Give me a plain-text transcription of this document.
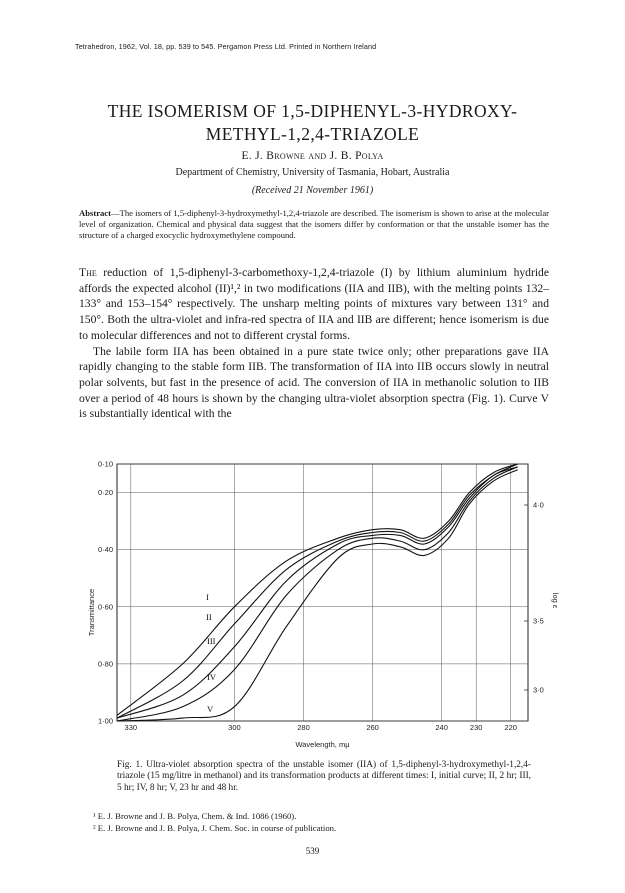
Tetrahedron, 1962, Vol. 18, pp. 539 to 545. Pergamon Press Ltd. Printed in Northern Ireland
THE ISOMERISM OF 1,5-DIPHENYL-3-HYDROXY-
METHYL-1,2,4-TRIAZOLE
E. J. Browne and J. B. Polya
Department of Chemistry, University of Tasmania, Hobart, Australia
(Received 21 November 1961)
Abstract—The isomers of 1,5-diphenyl-3-hydroxymethyl-1,2,4-triazole are described. The isomerism is shown to arise at the molecular level of organization. Chemical and physical data suggest that the isomers differ by conformation or that the unstable isomer has the structure of a charged exocyclic hydroxymethylene compound.

The reduction of 1,5-diphenyl-3-carbomethoxy-1,2,4-triazole (I) by lithium aluminium hydride affords the expected alcohol (II)¹,² in two modifications (IIA and IIB), with the melting points 132–133° and 153–154° respectively. The unsharp melting points of mixtures vary between 131° and 150°. Both the ultra-violet and infra-red spectra of IIA and IIB are different; hence isomerism is due to molecular differences and not to different crystal forms.

The labile form IIA has been obtained in a pure state twice only; other preparations gave IIA rapidly changing to the stable form IIB. The transformation of IIA into IIB occurs slowly in neutral polar solvents, but fast in the presence of acid. The conversion of IIA in methanolic solution to IIB over a period of 48 hours is shown by the changing ultra-violet absorption spectra (Fig. 1). Curve V is substantially identical with the

0·10
0·20
0·40
0·60
0·80
1·00
330	300	280	260	240	230	220
4·0
3·5
3·0
Wavelength, mμ
Transmittance	log ε
I
II
III
IV
V
Fig. 1. Ultra-violet absorption spectra of the unstable isomer (IIA) of 1,5-diphenyl-3-hydroxymethyl-1,2,4-triazole (15 mg/litre in methanol) and its transformation products at different times: I, initial curve; II, 2 hr; III, 5 hr; IV, 8 hr; V, 23 hr and 48 hr.
¹ E. J. Browne and J. B. Polya, Chem. & Ind. 1086 (1960).
² E. J. Browne and J. B. Polya, J. Chem. Soc. in course of publication.
539
